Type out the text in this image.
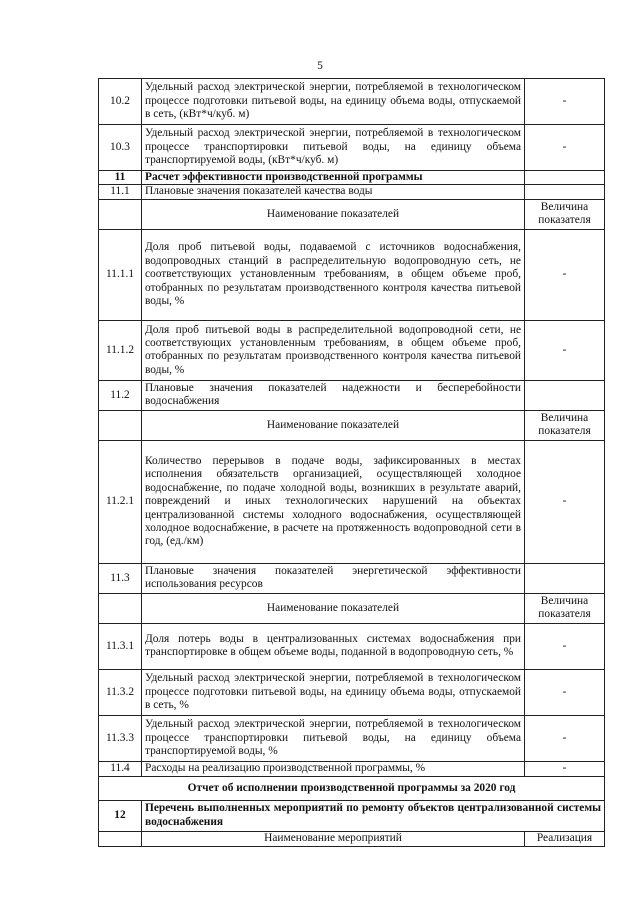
5
10.2	Удельный расход электрической энергии, потребляемой в технологическом процессе подготовки питьевой воды, на единицу объема воды, отпускаемой в сеть, (кВт*ч/куб. м)	-
10.3	Удельный расход электрической энергии, потребляемой в технологическом процессе транспортировки питьевой воды, на единицу объема транспортируемой воды, (кВт*ч/куб. м)	-
11	Расчет эффективности производственной программы	
11.1	Плановые значения показателей качества воды	
	Наименование показателей	Величина показателя
11.1.1	Доля проб питьевой воды, подаваемой с источников водоснабжения, водопроводных станций в распределительную водопроводную сеть, не соответствующих установленным требованиям, в общем объеме проб, отобранных по результатам производственного контроля качества питьевой воды, %	-
11.1.2	Доля проб питьевой воды в распределительной водопроводной сети, не соответствующих установленным требованиям, в общем объеме проб, отобранных по результатам производственного контроля качества питьевой воды, %	-
11.2	Плановые значения показателей надежности и бесперебойности водоснабжения	
	Наименование показателей	Величина показателя
11.2.1	Количество перерывов в подаче воды, зафиксированных в местах исполнения обязательств организацией, осуществляющей холодное водоснабжение, по подаче холодной воды, возникших в результате аварий, повреждений и иных технологических нарушений на объектах централизованной системы холодного водоснабжения, осуществляющей холодное водоснабжение, в расчете на протяженность водопроводной сети в год, (ед./км)	-
11.3	Плановые значения показателей энергетической эффективности использования ресурсов	
	Наименование показателей	Величина показателя
11.3.1	Доля потерь воды в централизованных системах водоснабжения при транспортировке в общем объеме воды, поданной в водопроводную сеть, %	-
11.3.2	Удельный расход электрической энергии, потребляемой в технологическом процессе подготовки питьевой воды, на единицу объема воды, отпускаемой в сеть, %	-
11.3.3	Удельный расход электрической энергии, потребляемой в технологическом процессе транспортировки питьевой воды, на единицу объема транспортируемой воды, %	-
11.4	Расходы на реализацию производственной программы, %	-
Отчет об исполнении производственной программы за 2020 год		
12	Перечень выполненных мероприятий по ремонту объектов централизованной системы водоснабжения	
	Наименование мероприятий	Реализация
